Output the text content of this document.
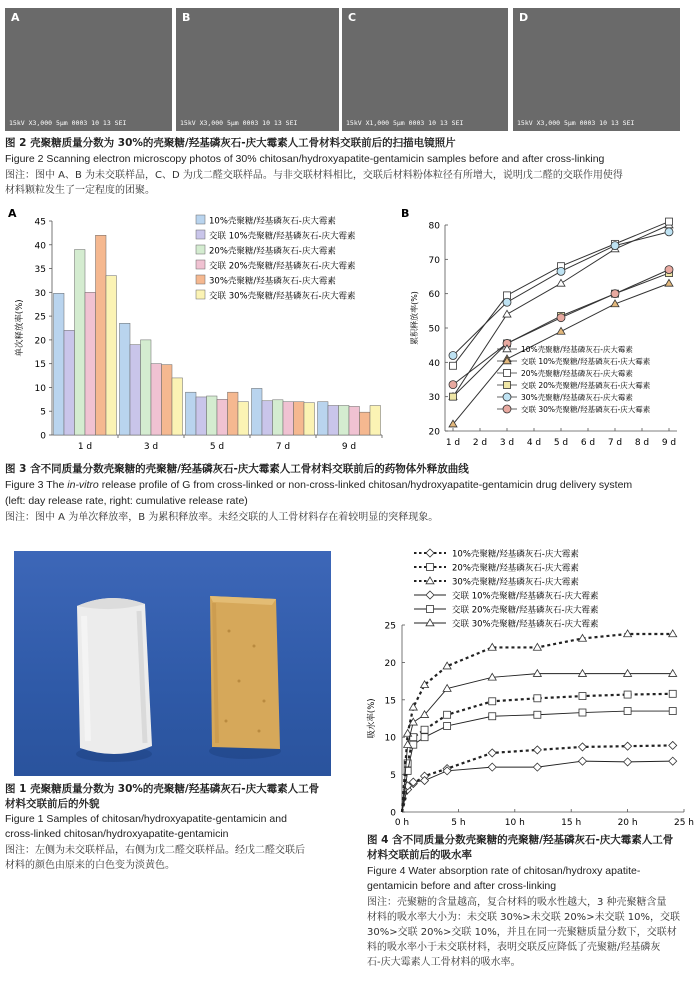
A
15kV X3,000 5μm 0003 10 13 SEI
B
15kV X3,000 5μm 0003 10 13 SEI
C
15kV X1,000 5μm 0003 10 13 SEI
D
15kV X3,000 5μm 0003 10 13 SEI
图 2 壳聚糖质量分数为 30%的壳聚糖/羟基磷灰石-庆大霉素人工骨材料交联前后的扫描电镜照片
Figure 2 Scanning electron microscopy photos of 30% chitosan/hydroxyapatite-gentamicin samples before and after cross-linking
图注：图中 A、B 为未交联样品，C、D 为戊二醛交联样品。与非交联材料相比，交联后材料粉体粒径有所增大，说明戊二醛的交联作用使得
材料颗粒发生了一定程度的团聚。
A
0
5
10
15
20
25
30
35
40
45
单次释放率(%)
1 d	3 d	5 d	7 d	9 d
10%壳聚糖/羟基磷灰石-庆大霉素
交联 10%壳聚糖/羟基磷灰石-庆大霉素
20%壳聚糖/羟基磷灰石-庆大霉素
交联 20%壳聚糖/羟基磷灰石-庆大霉素
30%壳聚糖/羟基磷灰石-庆大霉素
交联 30%壳聚糖/羟基磷灰石-庆大霉素
B
20
30
40
50
60
70
80
累积释放率(%)
1 d 2 d 3 d 4 d 5 d 6 d 7 d 8 d 9 d
10%壳聚糖/羟基磷灰石-庆大霉素
交联 10%壳聚糖/羟基磷灰石-庆大霉素
20%壳聚糖/羟基磷灰石-庆大霉素
交联 20%壳聚糖/羟基磷灰石-庆大霉素
30%壳聚糖/羟基磷灰石-庆大霉素
交联 30%壳聚糖/羟基磷灰石-庆大霉素
图 3 含不同质量分数壳聚糖的壳聚糖/羟基磷灰石-庆大霉素人工骨材料交联前后的药物体外释放曲线
Figure 3 The in-vitro release profile of G from cross-linked or non-cross-linked chitosan/hydroxyapatite-gentamicin drug delivery system
(left: day release rate, right: cumulative release rate)
图注：图中 A 为单次释放率，B 为累积释放率。未经交联的人工骨材料存在着较明显的突释现象。
图 1 壳聚糖质量分数为 30%的壳聚糖/羟基磷灰石-庆大霉素人工骨
材料交联前后的外貌
Figure 1 Samples of chitosan/hydroxyapatite-gentamicin and
cross-linked chitosan/hydroxyapatite-gentamicin
图注：左侧为未交联样品，右侧为戊二醛交联样品。经戊二醛交联后
材料的颜色由原来的白色变为淡黄色。
10%壳聚糖/羟基磷灰石-庆大霉素
20%壳聚糖/羟基磷灰石-庆大霉素
30%壳聚糖/羟基磷灰石-庆大霉素
交联 10%壳聚糖/羟基磷灰石-庆大霉素
交联 20%壳聚糖/羟基磷灰石-庆大霉素
交联 30%壳聚糖/羟基磷灰石-庆大霉素
0
5
10
15
20
25
吸水率(%)
0 h	5 h	10 h	15 h	20 h	25 h
图 4 含不同质量分数壳聚糖的壳聚糖/羟基磷灰石-庆大霉素人工骨
材料交联前后的吸水率
Figure 4 Water absorption rate of chitosan/hydroxy apatite-
gentamicin before and after cross-linking
图注：壳聚糖的含量越高，复合材料的吸水性越大，3 种壳聚糖含量
材料的吸水率大小为：未交联 30%>未交联 20%>未交联 10%，交联
30%>交联 20%>交联 10%，并且在同一壳聚糖质量分数下，交联材
料的吸水率小于未交联材料，表明交联反应降低了壳聚糖/羟基磷灰
石-庆大霉素人工骨材料的吸水率。
